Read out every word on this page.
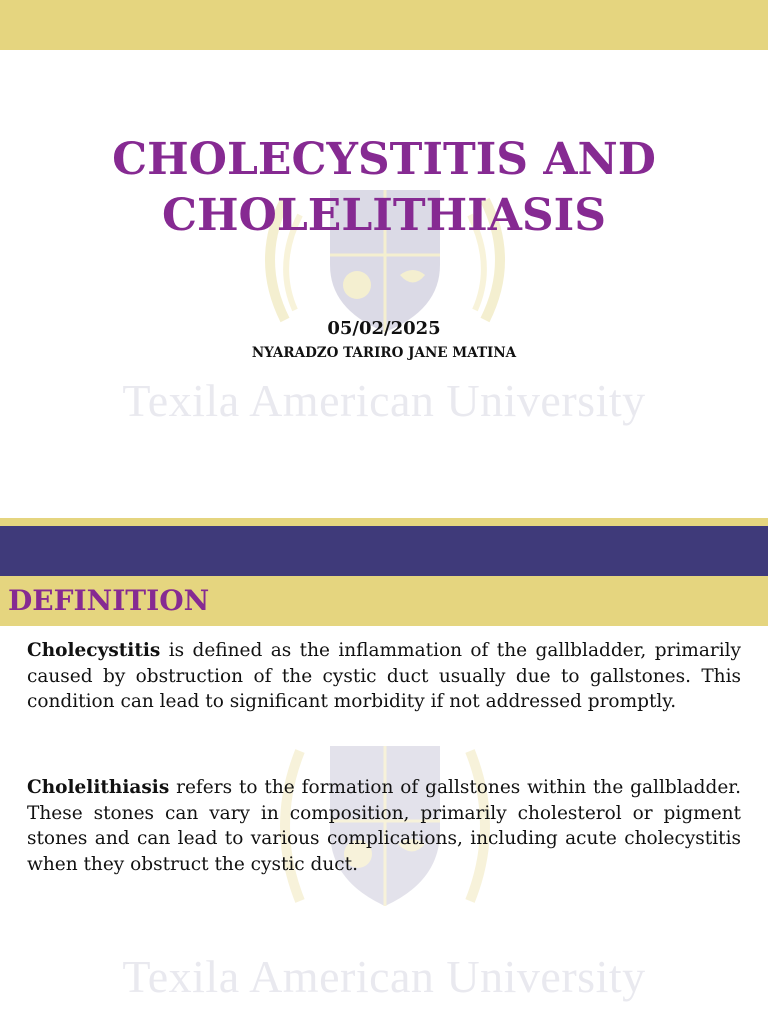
Texila American University
CHOLECYSTITIS AND
CHOLELITHIASIS
05/02/2025
NYARADZO TARIRO JANE MATINA
DEFINITION
Texila American University

Cholecystitis is defined as the inflammation of the gallbladder, primarily caused by obstruction of the cystic duct usually due to gallstones. This condition can lead to significant morbidity if not addressed promptly.

Cholelithiasis refers to the formation of gallstones within the gallbladder. These stones can vary in composition, primarily cholesterol or pigment stones and can lead to various complications, including acute cholecystitis when they obstruct the cystic duct.
